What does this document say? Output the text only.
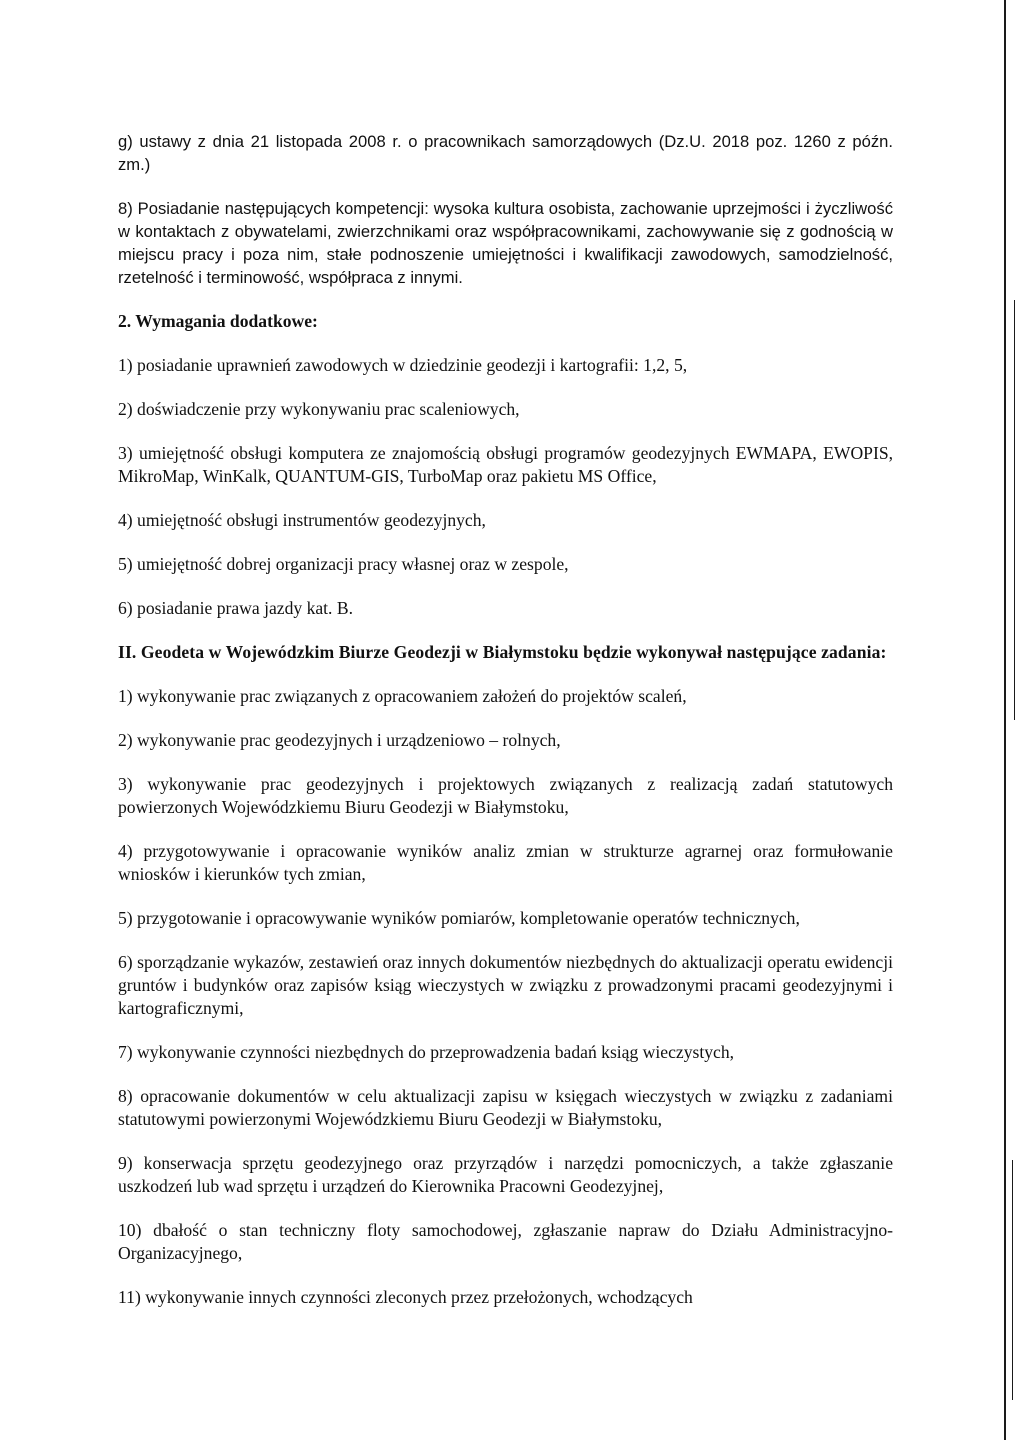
g) ustawy z dnia 21 listopada 2008 r. o pracownikach samorządowych (Dz.U. 2018 poz. 1260 z późn. zm.)

8) Posiadanie następujących kompetencji: wysoka kultura osobista, zachowanie uprzejmości i życzliwość w kontaktach z obywatelami, zwierzchnikami oraz współpracownikami, zachowywanie się z godnością w miejscu pracy i poza nim, stałe podnoszenie umiejętności i kwalifikacji zawodowych, samodzielność, rzetelność i terminowość, współpraca z innymi.

2. Wymagania dodatkowe:

1) posiadanie uprawnień zawodowych w dziedzinie geodezji i kartografii: 1,2, 5,

2) doświadczenie przy wykonywaniu prac scaleniowych,

3) umiejętność obsługi komputera ze znajomością obsługi programów geodezyjnych EWMAPA, EWOPIS, MikroMap, WinKalk, QUANTUM-GIS, TurboMap oraz pakietu MS Office,

4) umiejętność obsługi instrumentów geodezyjnych,

5) umiejętność dobrej organizacji pracy własnej oraz w zespole,

6) posiadanie prawa jazdy kat. B.

II. Geodeta w Wojewódzkim Biurze Geodezji w Białymstoku będzie wykonywał następujące zadania:

1) wykonywanie prac związanych z opracowaniem założeń do projektów scaleń,

2) wykonywanie prac geodezyjnych i urządzeniowo – rolnych,

3) wykonywanie prac geodezyjnych i projektowych związanych z realizacją zadań statutowych powierzonych Wojewódzkiemu Biuru Geodezji w Białymstoku,

4) przygotowywanie i opracowanie wyników analiz zmian w strukturze agrarnej oraz formułowanie wniosków i kierunków tych zmian,

5) przygotowanie i opracowywanie wyników pomiarów, kompletowanie operatów technicznych,

6) sporządzanie wykazów, zestawień oraz innych dokumentów niezbędnych do aktualizacji operatu ewidencji gruntów i budynków oraz zapisów ksiąg wieczystych w związku z prowadzonymi pracami geodezyjnymi i kartograficznymi,

7) wykonywanie czynności niezbędnych do przeprowadzenia badań ksiąg wieczystych,

8) opracowanie dokumentów w celu aktualizacji zapisu w księgach wieczystych w związku z zadaniami statutowymi powierzonymi Wojewódzkiemu Biuru Geodezji w Białymstoku,

9) konserwacja sprzętu geodezyjnego oraz przyrządów i narzędzi pomocniczych, a także zgłaszanie uszkodzeń lub wad sprzętu i urządzeń do Kierownika Pracowni Geodezyjnej,

10) dbałość o stan techniczny floty samochodowej, zgłaszanie napraw do Działu Administracyjno-Organizacyjnego,

11) wykonywanie innych czynności zleconych przez przełożonych, wchodzących
